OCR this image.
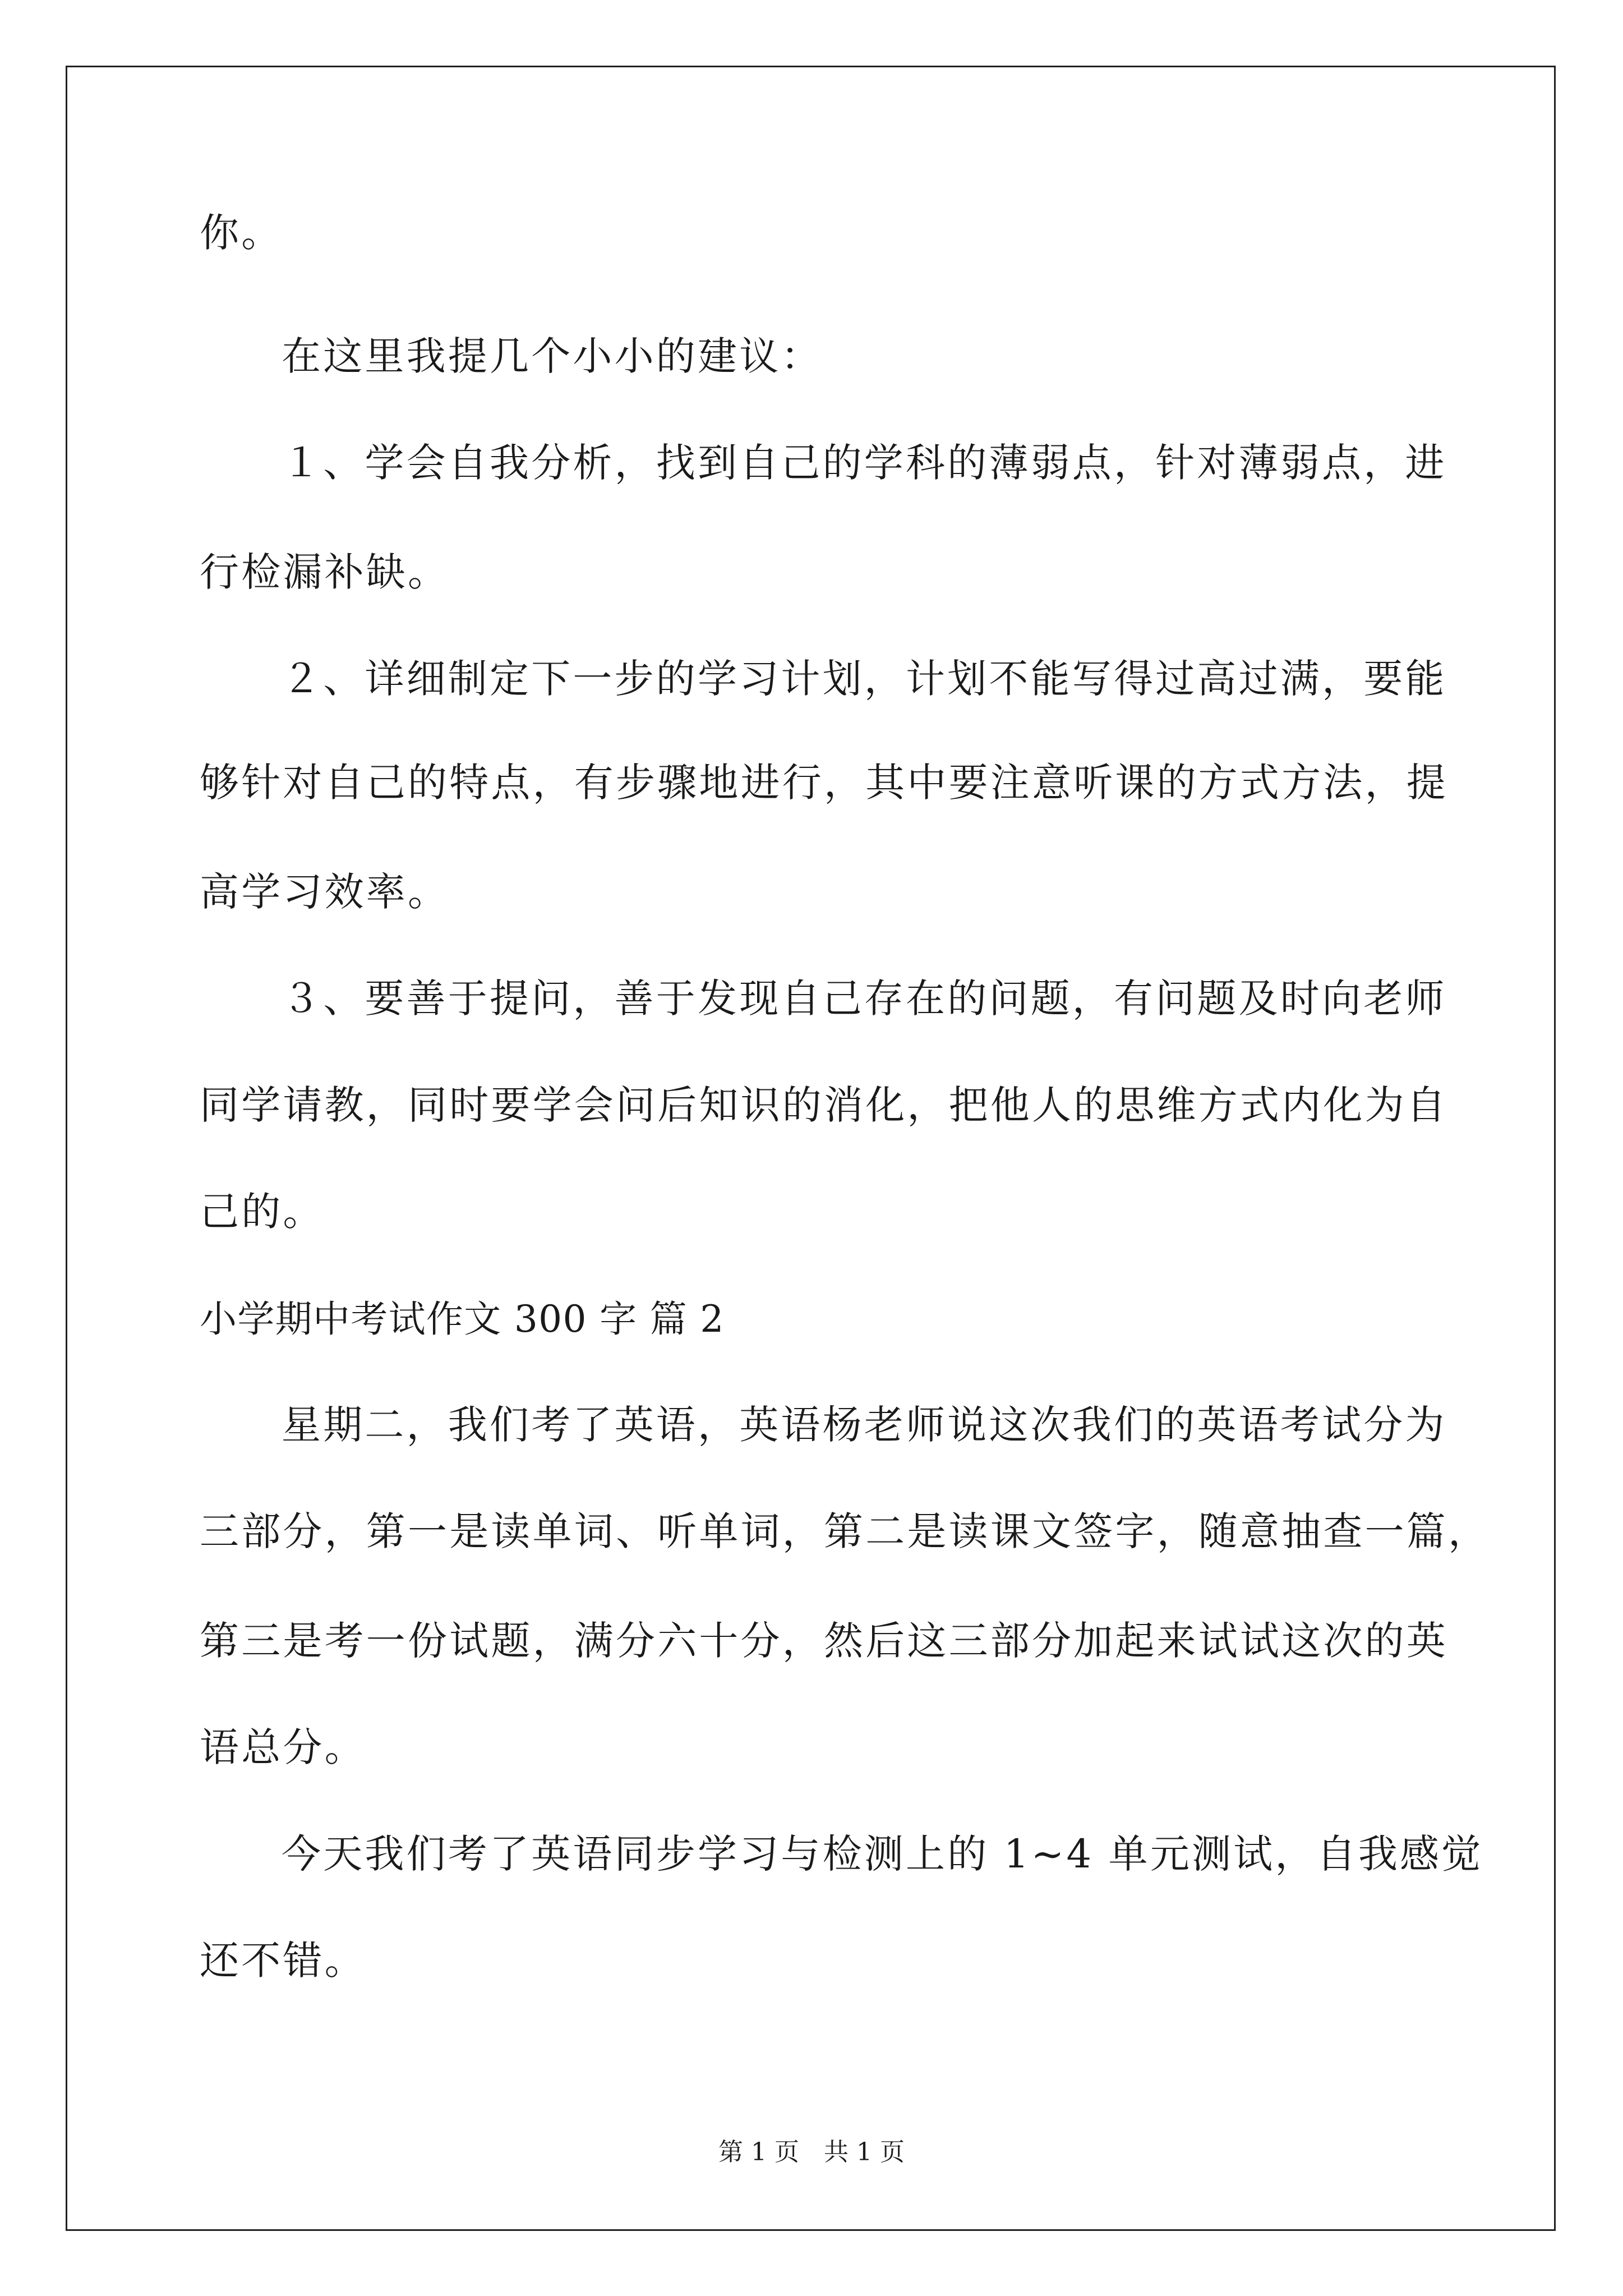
你。
在这里我提几个小小的建议：
１、学会自我分析，找到自己的学科的薄弱点，针对薄弱点，进
行检漏补缺。
２、详细制定下一步的学习计划，计划不能写得过高过满，要能
够针对自己的特点，有步骤地进行，其中要注意听课的方式方法，提
高学习效率。
３、要善于提问，善于发现自己存在的问题，有问题及时向老师
同学请教，同时要学会问后知识的消化，把他人的思维方式内化为自
己的。
小学期中考试作文 300 字 篇 2
星期二，我们考了英语，英语杨老师说这次我们的英语考试分为
三部分，第一是读单词、听单词，第二是读课文签字，随意抽查一篇，
第三是考一份试题，满分六十分，然后这三部分加起来试试这次的英
语总分。
今天我们考了英语同步学习与检测上的 1~4 单元测试，自我感觉
还不错。
第 1 页　共 1 页
